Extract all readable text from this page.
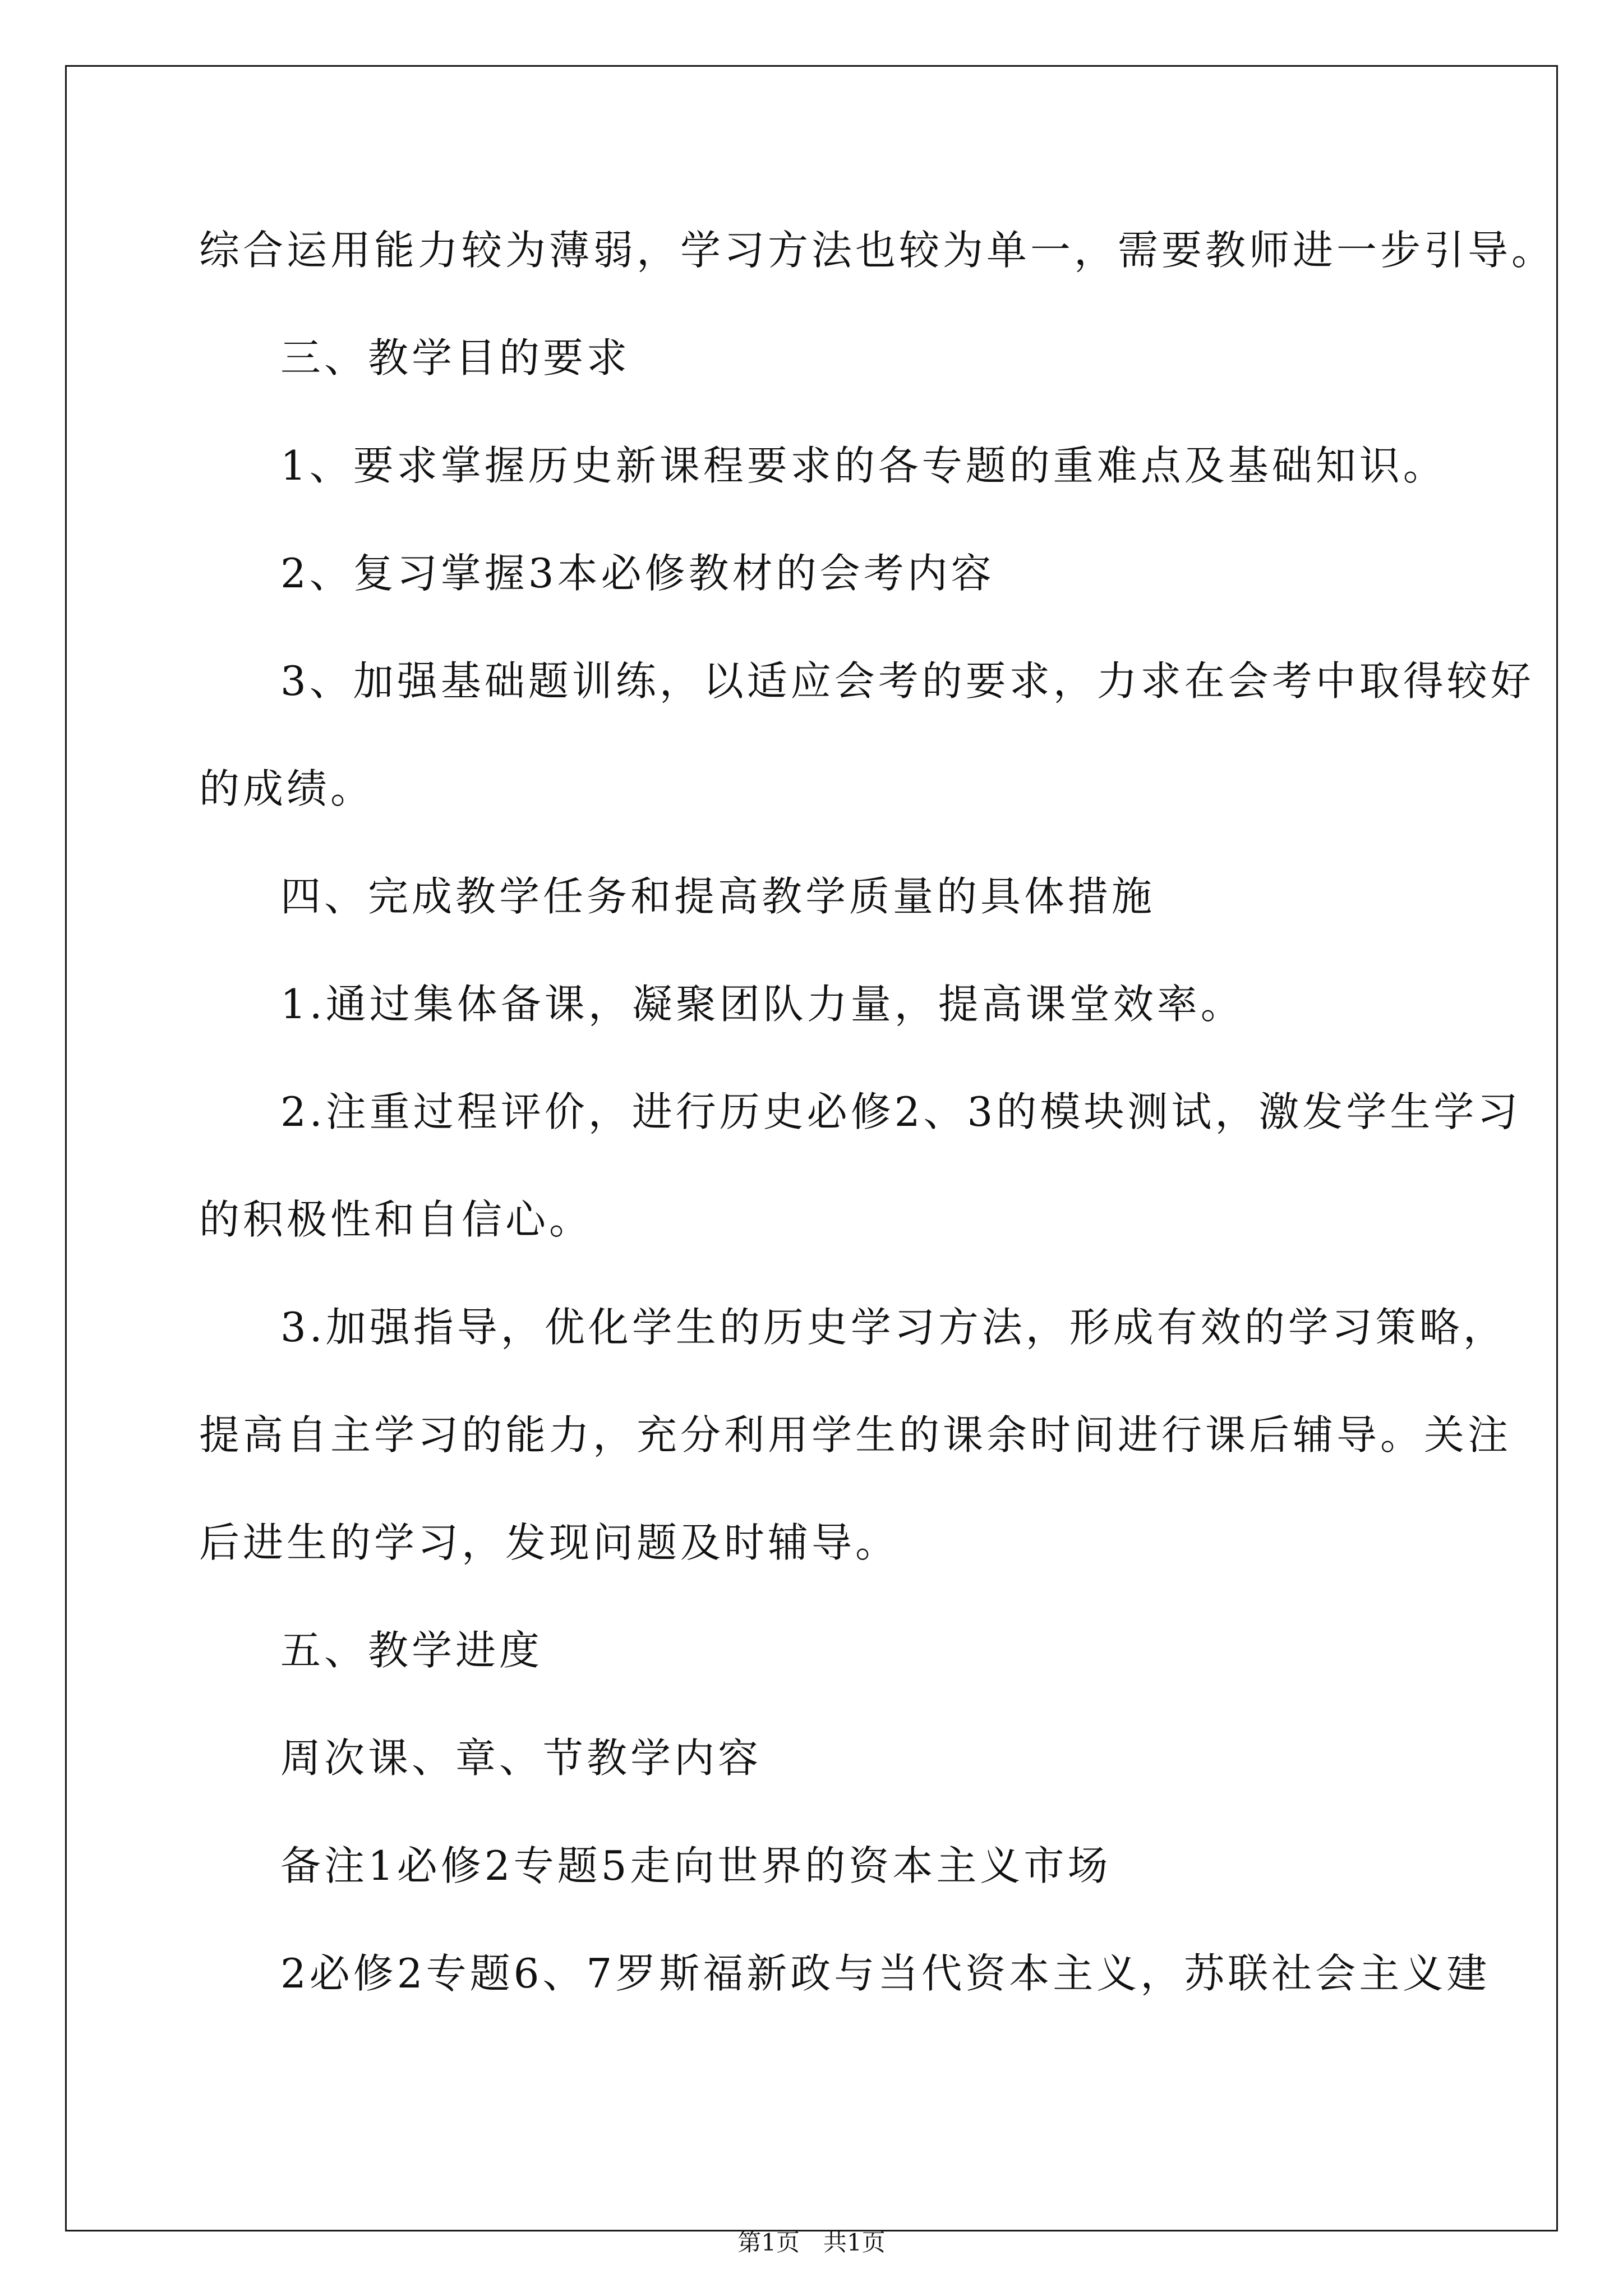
综合运用能力较为薄弱，学习方法也较为单一，需要教师进一步引导。
三、教学目的要求
1、要求掌握历史新课程要求的各专题的重难点及基础知识。
2、复习掌握3本必修教材的会考内容
3、加强基础题训练，以适应会考的要求，力求在会考中取得较好
的成绩。
四、完成教学任务和提高教学质量的具体措施
1.通过集体备课，凝聚团队力量，提高课堂效率。
2.注重过程评价，进行历史必修2、3的模块测试，激发学生学习
的积极性和自信心。
3.加强指导，优化学生的历史学习方法，形成有效的学习策略，
提高自主学习的能力，充分利用学生的课余时间进行课后辅导。关注
后进生的学习，发现问题及时辅导。
五、教学进度
周次课、章、节教学内容
备注1必修2专题5走向世界的资本主义市场
2必修2专题6、7罗斯福新政与当代资本主义，苏联社会主义建
第1页 共1页
